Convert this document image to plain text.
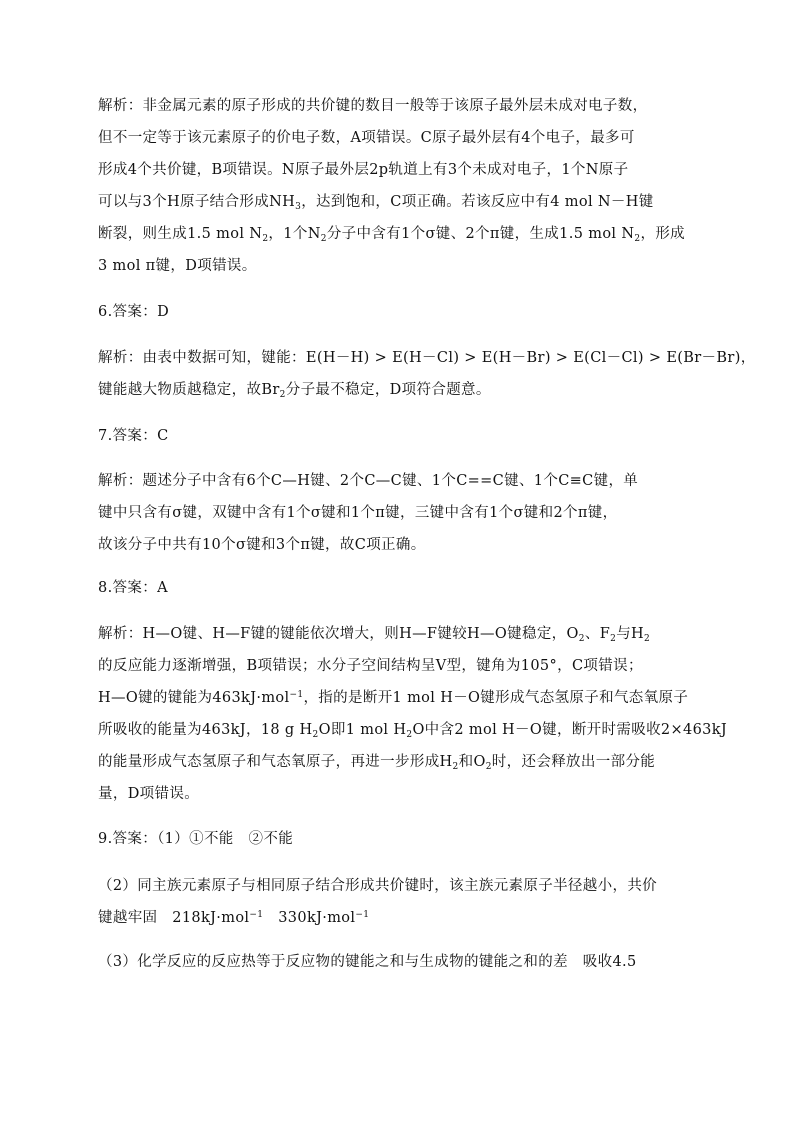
解析：非金属元素的原子形成的共价键的数目一般等于该原子最外层未成对电子数，
但不一定等于该元素原子的价电子数，A项错误。C原子最外层有4个电子，最多可
形成4个共价键，B项错误。N原子最外层2p轨道上有3个未成对电子，1个N原子
可以与3个H原子结合形成$NH_3$，达到饱和，C项正确。若该反应中有4 mol N－H键
断裂，则生成1.5 mol $N_2$，1个$N_2$分子中含有1个σ键、2个π键，生成1.5 mol $N_2$，形成
3 mol π键，D项错误。
6.答案：D
解析：由表中数据可知，键能：E(H－H) > E(H－Cl) > E(H－Br) > E(Cl－Cl) > E(Br－Br)，
键能越大物质越稳定，故$Br_2$分子最不稳定，D项符合题意。
7.答案：C
解析：题述分子中含有6个C—H键、2个C—C键、1个C==C键、1个C≡C键，单
键中只含有σ键，双键中含有1个σ键和1个π键，三键中含有1个σ键和2个π键，
故该分子中共有10个σ键和3个π键，故C项正确。
8.答案：A
解析：H—O键、H—F键的键能依次增大，则H—F键较H—O键稳定，$O_2$、$F_2$与$H_2$
的反应能力逐渐增强，B项错误；水分子空间结构呈V型，键角为105°，C项错误；
H—O键的键能为463kJ·mol$^{-1}$，指的是断开1 mol H－O键形成气态氢原子和气态氧原子
所吸收的能量为463kJ，18 g $H_2O$即1 mol $H_2O$中含2 mol H－O键，断开时需吸收2×463kJ
的能量形成气态氢原子和气态氧原子，再进一步形成$H_2$和$O_2$时，还会释放出一部分能
量，D项错误。
9.答案：（1）①不能　②不能
（2）同主族元素原子与相同原子结合形成共价键时，该主族元素原子半径越小，共价
键越牢固　218kJ·mol$^{-1}$　330kJ·mol$^{-1}$
（3）化学反应的反应热等于反应物的键能之和与生成物的键能之和的差　吸收4.5
